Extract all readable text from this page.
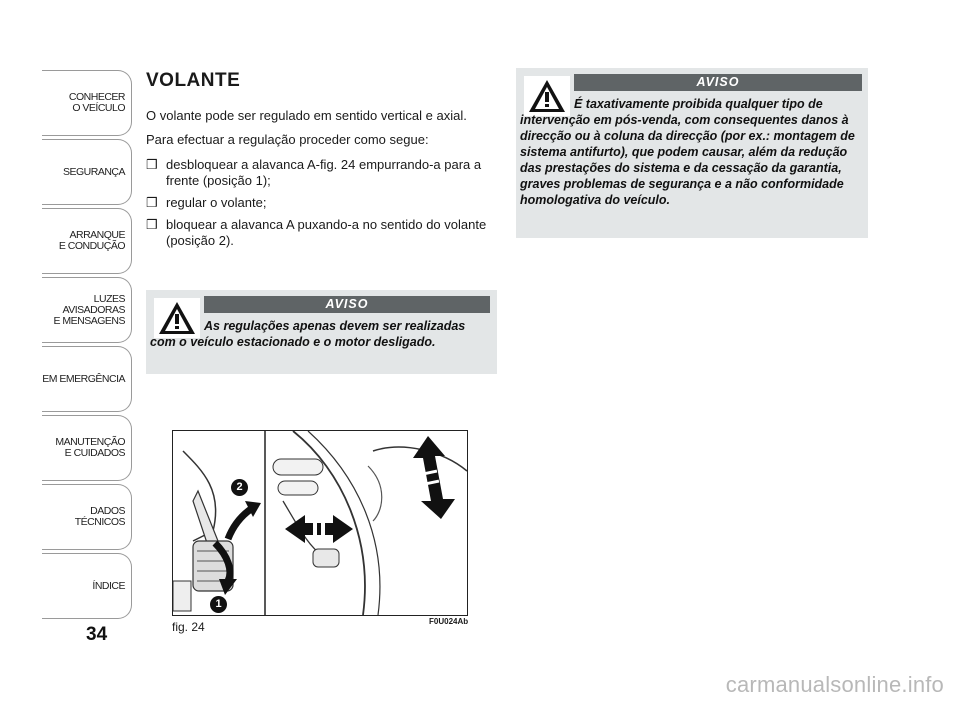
CONHECER
O VEÍCULO
SEGURANÇA
ARRANQUE
E CONDUÇÃO
LUZES
AVISADORAS
E MENSAGENS
EM EMERGÊNCIA
MANUTENÇÃO
E CUIDADOS
DADOS
TÉCNICOS
ÍNDICE
34
VOLANTE

O volante pode ser regulado em sentido vertical e axial.

Para efectuar a regulação proceder como segue:

❒ desbloquear a alavanca A-fig. 24 empurrando-a para a frente (posição 1);
❒ regular o volante;
❒ bloquear a alavanca A puxando-a no sentido do volante (posição 2).
AVISO

As regulações apenas devem ser realizadas com o veículo estacionado e o motor desligado.

AVISO

É taxativamente proibida qualquer tipo de intervenção em pós-venda, com consequentes danos à direcção ou à coluna da direcção (por ex.: montagem de sistema antifurto), que podem causar, além da redução das prestações do sistema e da cessação da garantia, graves problemas de segurança e a não conformidade homologativa do veículo.

2
1
fig. 24	F0U024Ab
carmanualsonline.info
